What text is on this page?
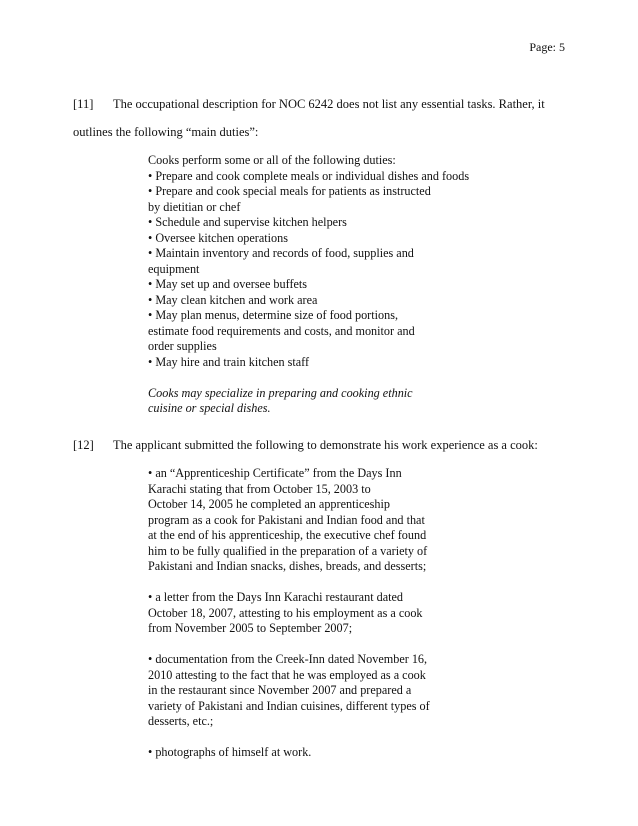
Page: 5
[11] The occupational description for NOC 6242 does not list any essential tasks. Rather, it
outlines the following “main duties”:
Cooks perform some or all of the following duties:
• Prepare and cook complete meals or individual dishes and foods
• Prepare and cook special meals for patients as instructed
by dietitian or chef
• Schedule and supervise kitchen helpers
• Oversee kitchen operations
• Maintain inventory and records of food, supplies and
equipment
• May set up and oversee buffets
• May clean kitchen and work area
• May plan menus, determine size of food portions,
estimate food requirements and costs, and monitor and
order supplies
• May hire and train kitchen staff
Cooks may specialize in preparing and cooking ethnic
cuisine or special dishes.
[12] The applicant submitted the following to demonstrate his work experience as a cook:
• an “Apprenticeship Certificate” from the Days Inn
Karachi stating that from October 15, 2003 to
October 14, 2005 he completed an apprenticeship
program as a cook for Pakistani and Indian food and that
at the end of his apprenticeship, the executive chef found
him to be fully qualified in the preparation of a variety of
Pakistani and Indian snacks, dishes, breads, and desserts;
• a letter from the Days Inn Karachi restaurant dated
October 18, 2007, attesting to his employment as a cook
from November 2005 to September 2007;
• documentation from the Creek-Inn dated November 16,
2010 attesting to the fact that he was employed as a cook
in the restaurant since November 2007 and prepared a
variety of Pakistani and Indian cuisines, different types of
desserts, etc.;
• photographs of himself at work.
